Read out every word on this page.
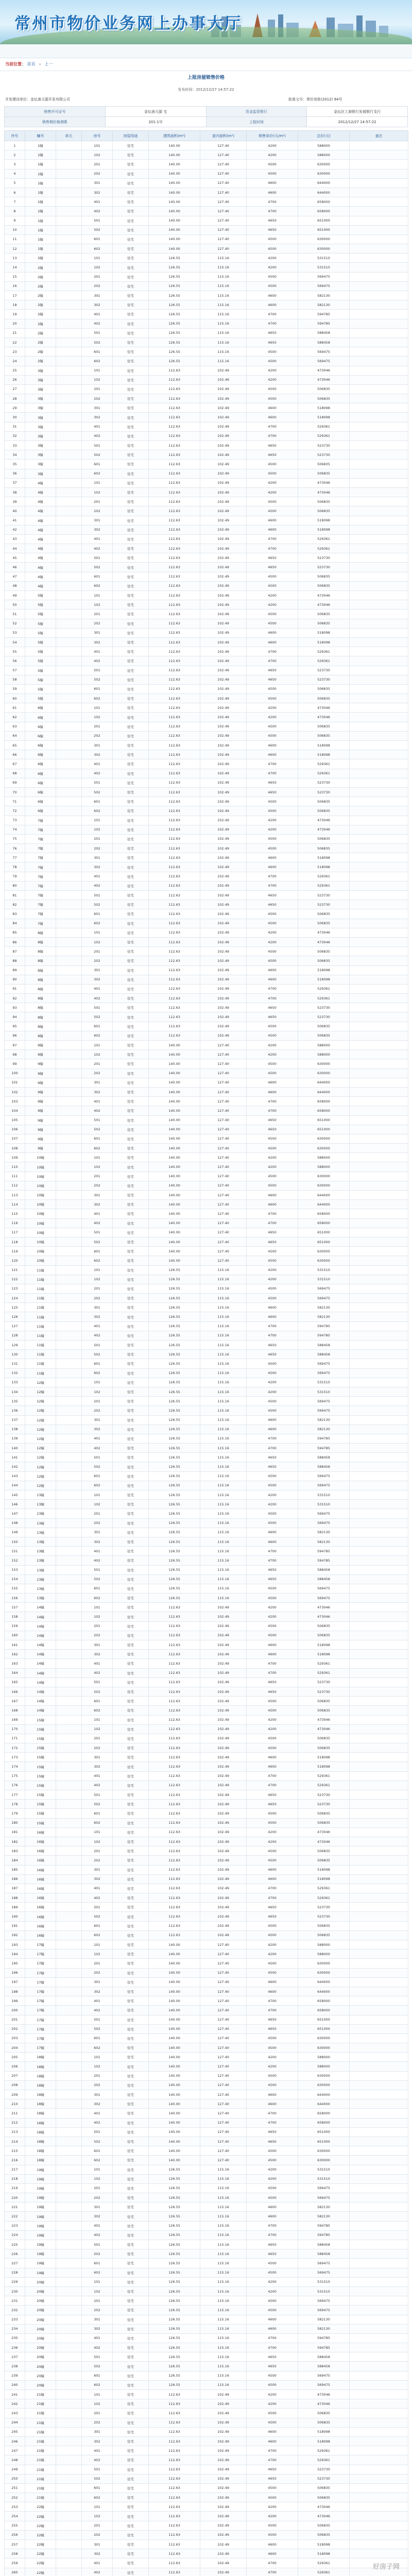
常州市物价业务网上办事大厅
当前位置： 首页 » 上一
上报房屋销售价格
发布时间：2012/12/27 14:57:22
开发建设单位：金坛善元源开发有限公司	批准文号：常价房批(2012) 94号
销售许可证号	金坛善元源 宅	资金监管银行	金坛区工商银行发展银行支行
销售期价格测算	201-1号	上报时间	2012/12/27 14:57:22
序号	幢号	单元	房号	房屋用途	建筑面积(m²)	套内面积(m²)	销售单价(元/m²)	总价(元)	备注
1	1幢		101	住宅	140.00	127.40	4200	588000	
2	1幢		102	住宅	140.00	127.40	4200	588000	
3	1幢		201	住宅	140.00	127.40	4500	630000	
4	1幢		202	住宅	140.00	127.40	4500	630000	
5	1幢		301	住宅	140.00	127.40	4600	644000	
6	1幢		302	住宅	140.00	127.40	4600	644000	
7	1幢		401	住宅	140.00	127.40	4700	658000	
8	1幢		402	住宅	140.00	127.40	4700	658000	
9	1幢		501	住宅	140.00	127.40	4650	651000	
10	1幢		502	住宅	140.00	127.40	4650	651000	
11	1幢		601	住宅	140.00	127.40	4500	630000	
12	1幢		602	住宅	140.00	127.40	4500	630000	
13	2幢		101	住宅	126.55	115.16	4200	531510	
14	2幢		102	住宅	126.55	115.16	4200	531510	
15	2幢		201	住宅	126.55	115.16	4500	569475	
16	2幢		202	住宅	126.55	115.16	4500	569475	
17	2幢		301	住宅	126.55	115.16	4600	582130	
18	2幢		302	住宅	126.55	115.16	4600	582130	
19	2幢		401	住宅	126.55	115.16	4700	594785	
20	2幢		402	住宅	126.55	115.16	4700	594785	
21	2幢		501	住宅	126.55	115.16	4650	588458	
22	2幢		502	住宅	126.55	115.16	4650	588458	
23	2幢		601	住宅	126.55	115.16	4500	569475	
24	2幢		602	住宅	126.55	115.16	4500	569475	
25	3幢		101	住宅	112.63	102.49	4200	473046	
26	3幢		102	住宅	112.63	102.49	4200	473046	
27	3幢		201	住宅	112.63	102.49	4500	506835	
28	3幢		202	住宅	112.63	102.49	4500	506835	
29	3幢		301	住宅	112.63	102.49	4600	518098	
30	3幢		302	住宅	112.63	102.49	4600	518098	
31	3幢		401	住宅	112.63	102.49	4700	529361	
32	3幢		402	住宅	112.63	102.49	4700	529361	
33	3幢		501	住宅	112.63	102.49	4650	523730	
34	3幢		502	住宅	112.63	102.49	4650	523730	
35	3幢		601	住宅	112.63	102.49	4500	506835	
36	3幢		602	住宅	112.63	102.49	4500	506835	
37	4幢		101	住宅	112.63	102.49	4200	473046	
38	4幢		102	住宅	112.63	102.49	4200	473046	
39	4幢		201	住宅	112.63	102.49	4500	506835	
40	4幢		202	住宅	112.63	102.49	4500	506835	
41	4幢		301	住宅	112.63	102.49	4600	518098	
42	4幢		302	住宅	112.63	102.49	4600	518098	
43	4幢		401	住宅	112.63	102.49	4700	529361	
44	4幢		402	住宅	112.63	102.49	4700	529361	
45	4幢		501	住宅	112.63	102.49	4650	523730	
46	4幢		502	住宅	112.63	102.49	4650	523730	
47	4幢		601	住宅	112.63	102.49	4500	506835	
48	4幢		602	住宅	112.63	102.49	4500	506835	
49	5幢		101	住宅	112.63	102.49	4200	473046	
50	5幢		102	住宅	112.63	102.49	4200	473046	
51	5幢		201	住宅	112.63	102.49	4500	506835	
52	5幢		202	住宅	112.63	102.49	4500	506835	
53	5幢		301	住宅	112.63	102.49	4600	518098	
54	5幢		302	住宅	112.63	102.49	4600	518098	
55	5幢		401	住宅	112.63	102.49	4700	529361	
56	5幢		402	住宅	112.63	102.49	4700	529361	
57	5幢		501	住宅	112.63	102.49	4650	523730	
58	5幢		502	住宅	112.63	102.49	4650	523730	
59	5幢		601	住宅	112.63	102.49	4500	506835	
60	5幢		602	住宅	112.63	102.49	4500	506835	
61	6幢		101	住宅	112.63	102.49	4200	473046	
62	6幢		102	住宅	112.63	102.49	4200	473046	
63	6幢		201	住宅	112.63	102.49	4500	506835	
64	6幢		202	住宅	112.63	102.49	4500	506835	
65	6幢		301	住宅	112.63	102.49	4600	518098	
66	6幢		302	住宅	112.63	102.49	4600	518098	
67	6幢		401	住宅	112.63	102.49	4700	529361	
68	6幢		402	住宅	112.63	102.49	4700	529361	
69	6幢		501	住宅	112.63	102.49	4650	523730	
70	6幢		502	住宅	112.63	102.49	4650	523730	
71	6幢		601	住宅	112.63	102.49	4500	506835	
72	6幢		602	住宅	112.63	102.49	4500	506835	
73	7幢		101	住宅	112.63	102.49	4200	473046	
74	7幢		102	住宅	112.63	102.49	4200	473046	
75	7幢		201	住宅	112.63	102.49	4500	506835	
76	7幢		202	住宅	112.63	102.49	4500	506835	
77	7幢		301	住宅	112.63	102.49	4600	518098	
78	7幢		302	住宅	112.63	102.49	4600	518098	
79	7幢		401	住宅	112.63	102.49	4700	529361	
80	7幢		402	住宅	112.63	102.49	4700	529361	
81	7幢		501	住宅	112.63	102.49	4650	523730	
82	7幢		502	住宅	112.63	102.49	4650	523730	
83	7幢		601	住宅	112.63	102.49	4500	506835	
84	7幢		602	住宅	112.63	102.49	4500	506835	
85	8幢		101	住宅	112.63	102.49	4200	473046	
86	8幢		102	住宅	112.63	102.49	4200	473046	
87	8幢		201	住宅	112.63	102.49	4500	506835	
88	8幢		202	住宅	112.63	102.49	4500	506835	
89	8幢		301	住宅	112.63	102.49	4600	518098	
90	8幢		302	住宅	112.63	102.49	4600	518098	
91	8幢		401	住宅	112.63	102.49	4700	529361	
92	8幢		402	住宅	112.63	102.49	4700	529361	
93	8幢		501	住宅	112.63	102.49	4650	523730	
94	8幢		502	住宅	112.63	102.49	4650	523730	
95	8幢		601	住宅	112.63	102.49	4500	506835	
96	8幢		602	住宅	112.63	102.49	4500	506835	
97	9幢		101	住宅	140.00	127.40	4200	588000	
98	9幢		102	住宅	140.00	127.40	4200	588000	
99	9幢		201	住宅	140.00	127.40	4500	630000	
100	9幢		202	住宅	140.00	127.40	4500	630000	
101	9幢		301	住宅	140.00	127.40	4600	644000	
102	9幢		302	住宅	140.00	127.40	4600	644000	
103	9幢		401	住宅	140.00	127.40	4700	658000	
104	9幢		402	住宅	140.00	127.40	4700	658000	
105	9幢		501	住宅	140.00	127.40	4650	651000	
106	9幢		502	住宅	140.00	127.40	4650	651000	
107	9幢		601	住宅	140.00	127.40	4500	630000	
108	9幢		602	住宅	140.00	127.40	4500	630000	
109	10幢		101	住宅	140.00	127.40	4200	588000	
110	10幢		102	住宅	140.00	127.40	4200	588000	
111	10幢		201	住宅	140.00	127.40	4500	630000	
112	10幢		202	住宅	140.00	127.40	4500	630000	
113	10幢		301	住宅	140.00	127.40	4600	644000	
114	10幢		302	住宅	140.00	127.40	4600	644000	
115	10幢		401	住宅	140.00	127.40	4700	658000	
116	10幢		402	住宅	140.00	127.40	4700	658000	
117	10幢		501	住宅	140.00	127.40	4650	651000	
118	10幢		502	住宅	140.00	127.40	4650	651000	
119	10幢		601	住宅	140.00	127.40	4500	630000	
120	10幢		602	住宅	140.00	127.40	4500	630000	
121	11幢		101	住宅	126.55	115.16	4200	531510	
122	11幢		102	住宅	126.55	115.16	4200	531510	
123	11幢		201	住宅	126.55	115.16	4500	569475	
124	11幢		202	住宅	126.55	115.16	4500	569475	
125	11幢		301	住宅	126.55	115.16	4600	582130	
126	11幢		302	住宅	126.55	115.16	4600	582130	
127	11幢		401	住宅	126.55	115.16	4700	594785	
128	11幢		402	住宅	126.55	115.16	4700	594785	
129	11幢		501	住宅	126.55	115.16	4650	588458	
130	11幢		502	住宅	126.55	115.16	4650	588458	
131	11幢		601	住宅	126.55	115.16	4500	569475	
132	11幢		602	住宅	126.55	115.16	4500	569475	
133	12幢		101	住宅	126.55	115.16	4200	531510	
134	12幢		102	住宅	126.55	115.16	4200	531510	
135	12幢		201	住宅	126.55	115.16	4500	569475	
136	12幢		202	住宅	126.55	115.16	4500	569475	
137	12幢		301	住宅	126.55	115.16	4600	582130	
138	12幢		302	住宅	126.55	115.16	4600	582130	
139	12幢		401	住宅	126.55	115.16	4700	594785	
140	12幢		402	住宅	126.55	115.16	4700	594785	
141	12幢		501	住宅	126.55	115.16	4650	588458	
142	12幢		502	住宅	126.55	115.16	4650	588458	
143	12幢		601	住宅	126.55	115.16	4500	569475	
144	12幢		602	住宅	126.55	115.16	4500	569475	
145	13幢		101	住宅	126.55	115.16	4200	531510	
146	13幢		102	住宅	126.55	115.16	4200	531510	
147	13幢		201	住宅	126.55	115.16	4500	569475	
148	13幢		202	住宅	126.55	115.16	4500	569475	
149	13幢		301	住宅	126.55	115.16	4600	582130	
150	13幢		302	住宅	126.55	115.16	4600	582130	
151	13幢		401	住宅	126.55	115.16	4700	594785	
152	13幢		402	住宅	126.55	115.16	4700	594785	
153	13幢		501	住宅	126.55	115.16	4650	588458	
154	13幢		502	住宅	126.55	115.16	4650	588458	
155	13幢		601	住宅	126.55	115.16	4500	569475	
156	13幢		602	住宅	126.55	115.16	4500	569475	
157	14幢		101	住宅	112.63	102.49	4200	473046	
158	14幢		102	住宅	112.63	102.49	4200	473046	
159	14幢		201	住宅	112.63	102.49	4500	506835	
160	14幢		202	住宅	112.63	102.49	4500	506835	
161	14幢		301	住宅	112.63	102.49	4600	518098	
162	14幢		302	住宅	112.63	102.49	4600	518098	
163	14幢		401	住宅	112.63	102.49	4700	529361	
164	14幢		402	住宅	112.63	102.49	4700	529361	
165	14幢		501	住宅	112.63	102.49	4650	523730	
166	14幢		502	住宅	112.63	102.49	4650	523730	
167	14幢		601	住宅	112.63	102.49	4500	506835	
168	14幢		602	住宅	112.63	102.49	4500	506835	
169	15幢		101	住宅	112.63	102.49	4200	473046	
170	15幢		102	住宅	112.63	102.49	4200	473046	
171	15幢		201	住宅	112.63	102.49	4500	506835	
172	15幢		202	住宅	112.63	102.49	4500	506835	
173	15幢		301	住宅	112.63	102.49	4600	518098	
174	15幢		302	住宅	112.63	102.49	4600	518098	
175	15幢		401	住宅	112.63	102.49	4700	529361	
176	15幢		402	住宅	112.63	102.49	4700	529361	
177	15幢		501	住宅	112.63	102.49	4650	523730	
178	15幢		502	住宅	112.63	102.49	4650	523730	
179	15幢		601	住宅	112.63	102.49	4500	506835	
180	15幢		602	住宅	112.63	102.49	4500	506835	
181	16幢		101	住宅	112.63	102.49	4200	473046	
182	16幢		102	住宅	112.63	102.49	4200	473046	
183	16幢		201	住宅	112.63	102.49	4500	506835	
184	16幢		202	住宅	112.63	102.49	4500	506835	
185	16幢		301	住宅	112.63	102.49	4600	518098	
186	16幢		302	住宅	112.63	102.49	4600	518098	
187	16幢		401	住宅	112.63	102.49	4700	529361	
188	16幢		402	住宅	112.63	102.49	4700	529361	
189	16幢		501	住宅	112.63	102.49	4650	523730	
190	16幢		502	住宅	112.63	102.49	4650	523730	
191	16幢		601	住宅	112.63	102.49	4500	506835	
192	16幢		602	住宅	112.63	102.49	4500	506835	
193	17幢		101	住宅	140.00	127.40	4200	588000	
194	17幢		102	住宅	140.00	127.40	4200	588000	
195	17幢		201	住宅	140.00	127.40	4500	630000	
196	17幢		202	住宅	140.00	127.40	4500	630000	
197	17幢		301	住宅	140.00	127.40	4600	644000	
198	17幢		302	住宅	140.00	127.40	4600	644000	
199	17幢		401	住宅	140.00	127.40	4700	658000	
200	17幢		402	住宅	140.00	127.40	4700	658000	
201	17幢		501	住宅	140.00	127.40	4650	651000	
202	17幢		502	住宅	140.00	127.40	4650	651000	
203	17幢		601	住宅	140.00	127.40	4500	630000	
204	17幢		602	住宅	140.00	127.40	4500	630000	
205	18幢		101	住宅	140.00	127.40	4200	588000	
206	18幢		102	住宅	140.00	127.40	4200	588000	
207	18幢		201	住宅	140.00	127.40	4500	630000	
208	18幢		202	住宅	140.00	127.40	4500	630000	
209	18幢		301	住宅	140.00	127.40	4600	644000	
210	18幢		302	住宅	140.00	127.40	4600	644000	
211	18幢		401	住宅	140.00	127.40	4700	658000	
212	18幢		402	住宅	140.00	127.40	4700	658000	
213	18幢		501	住宅	140.00	127.40	4650	651000	
214	18幢		502	住宅	140.00	127.40	4650	651000	
215	18幢		601	住宅	140.00	127.40	4500	630000	
216	18幢		602	住宅	140.00	127.40	4500	630000	
217	19幢		101	住宅	126.55	115.16	4200	531510	
218	19幢		102	住宅	126.55	115.16	4200	531510	
219	19幢		201	住宅	126.55	115.16	4500	569475	
220	19幢		202	住宅	126.55	115.16	4500	569475	
221	19幢		301	住宅	126.55	115.16	4600	582130	
222	19幢		302	住宅	126.55	115.16	4600	582130	
223	19幢		401	住宅	126.55	115.16	4700	594785	
224	19幢		402	住宅	126.55	115.16	4700	594785	
225	19幢		501	住宅	126.55	115.16	4650	588458	
226	19幢		502	住宅	126.55	115.16	4650	588458	
227	19幢		601	住宅	126.55	115.16	4500	569475	
228	19幢		602	住宅	126.55	115.16	4500	569475	
229	20幢		101	住宅	126.55	115.16	4200	531510	
230	20幢		102	住宅	126.55	115.16	4200	531510	
231	20幢		201	住宅	126.55	115.16	4500	569475	
232	20幢		202	住宅	126.55	115.16	4500	569475	
233	20幢		301	住宅	126.55	115.16	4600	582130	
234	20幢		302	住宅	126.55	115.16	4600	582130	
235	20幢		401	住宅	126.55	115.16	4700	594785	
236	20幢		402	住宅	126.55	115.16	4700	594785	
237	20幢		501	住宅	126.55	115.16	4650	588458	
238	20幢		502	住宅	126.55	115.16	4650	588458	
239	20幢		601	住宅	126.55	115.16	4500	569475	
240	20幢		602	住宅	126.55	115.16	4500	569475	
241	21幢		101	住宅	112.63	102.49	4200	473046	
242	21幢		102	住宅	112.63	102.49	4200	473046	
243	21幢		201	住宅	112.63	102.49	4500	506835	
244	21幢		202	住宅	112.63	102.49	4500	506835	
245	21幢		301	住宅	112.63	102.49	4600	518098	
246	21幢		302	住宅	112.63	102.49	4600	518098	
247	21幢		401	住宅	112.63	102.49	4700	529361	
248	21幢		402	住宅	112.63	102.49	4700	529361	
249	21幢		501	住宅	112.63	102.49	4650	523730	
250	21幢		502	住宅	112.63	102.49	4650	523730	
251	21幢		601	住宅	112.63	102.49	4500	506835	
252	21幢		602	住宅	112.63	102.49	4500	506835	
253	22幢		101	住宅	112.63	102.49	4200	473046	
254	22幢		102	住宅	112.63	102.49	4200	473046	
255	22幢		201	住宅	112.63	102.49	4500	506835	
256	22幢		202	住宅	112.63	102.49	4500	506835	
257	22幢		301	住宅	112.63	102.49	4600	518098	
258	22幢		302	住宅	112.63	102.49	4600	518098	
259	22幢		401	住宅	112.63	102.49	4700	529361	
260	22幢		402	住宅	112.63	102.49	4700	529361	

好房子网
